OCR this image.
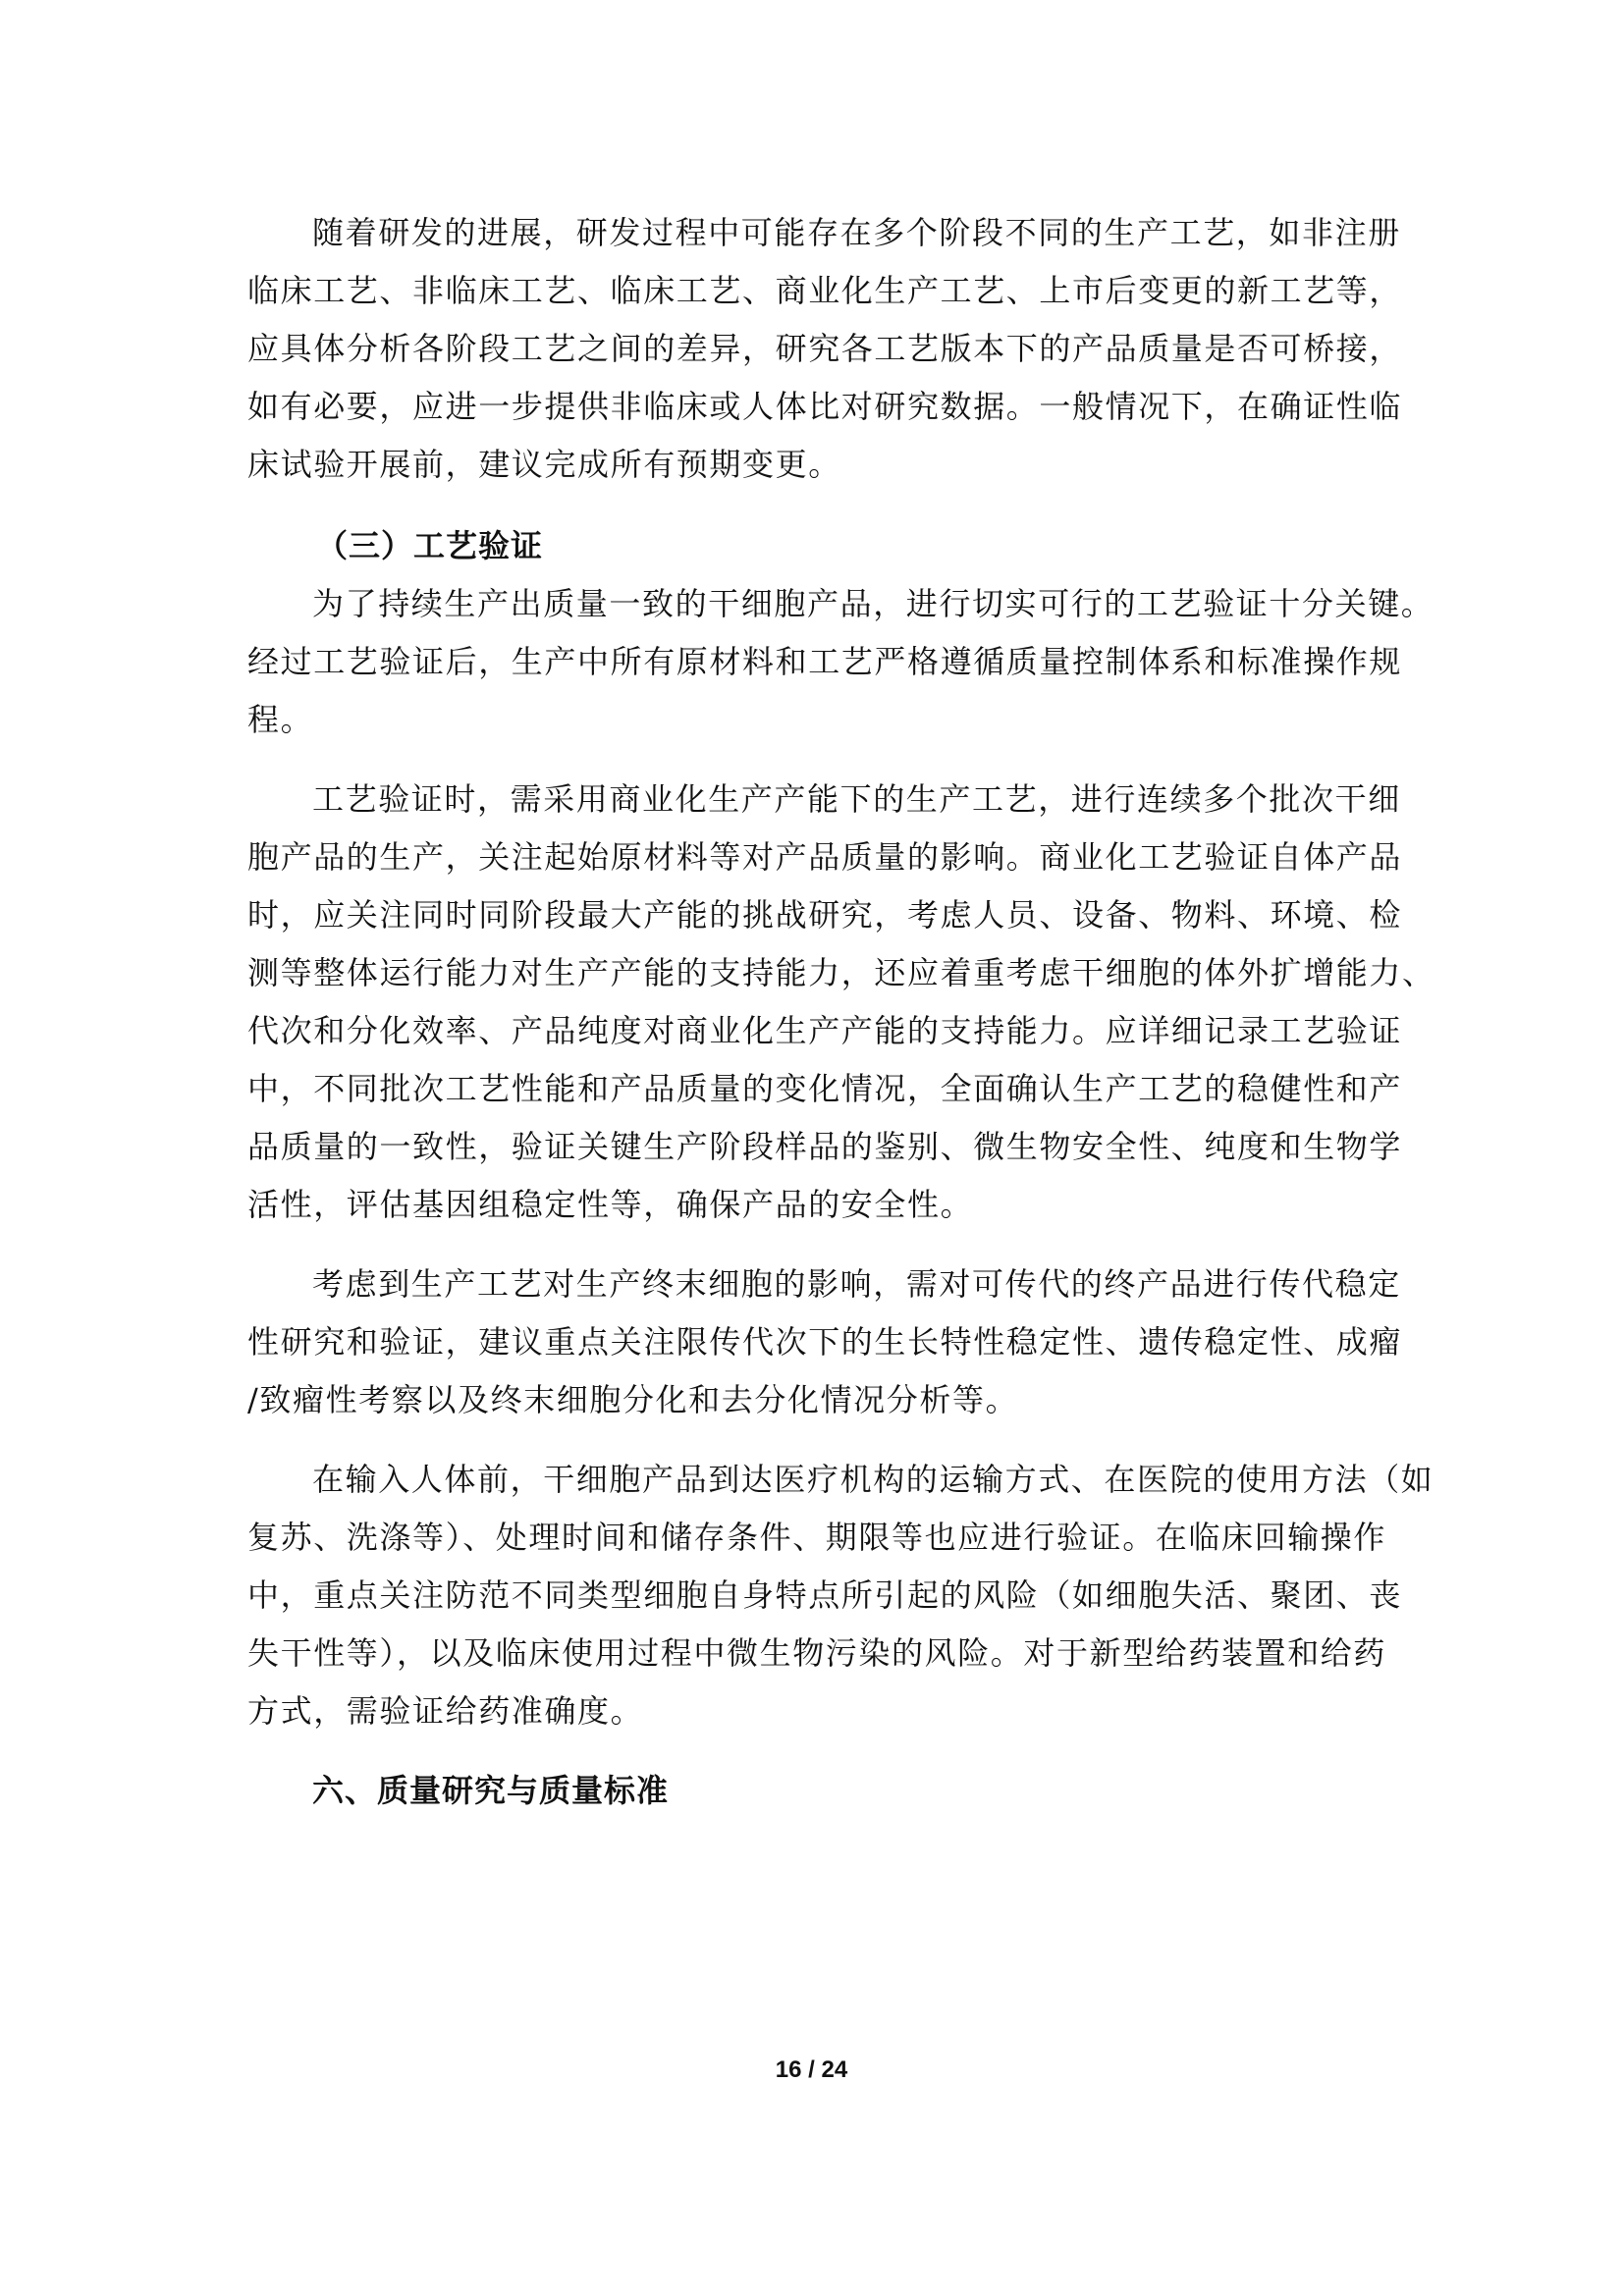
随着研发的进展，研发过程中可能存在多个阶段不同的生产工艺，如非注册
临床工艺、非临床工艺、临床工艺、商业化生产工艺、上市后变更的新工艺等，
应具体分析各阶段工艺之间的差异，研究各工艺版本下的产品质量是否可桥接，
如有必要，应进一步提供非临床或人体比对研究数据。一般情况下，在确证性临
床试验开展前，建议完成所有预期变更。
（三）工艺验证
为了持续生产出质量一致的干细胞产品，进行切实可行的工艺验证十分关键。
经过工艺验证后，生产中所有原材料和工艺严格遵循质量控制体系和标准操作规
程。
工艺验证时，需采用商业化生产产能下的生产工艺，进行连续多个批次干细
胞产品的生产，关注起始原材料等对产品质量的影响。商业化工艺验证自体产品
时，应关注同时同阶段最大产能的挑战研究，考虑人员、设备、物料、环境、检
测等整体运行能力对生产产能的支持能力，还应着重考虑干细胞的体外扩增能力、
代次和分化效率、产品纯度对商业化生产产能的支持能力。应详细记录工艺验证
中，不同批次工艺性能和产品质量的变化情况，全面确认生产工艺的稳健性和产
品质量的一致性，验证关键生产阶段样品的鉴别、微生物安全性、纯度和生物学
活性，评估基因组稳定性等，确保产品的安全性。
考虑到生产工艺对生产终末细胞的影响，需对可传代的终产品进行传代稳定
性研究和验证，建议重点关注限传代次下的生长特性稳定性、遗传稳定性、成瘤
/致瘤性考察以及终末细胞分化和去分化情况分析等。
在输入人体前，干细胞产品到达医疗机构的运输方式、在医院的使用方法（如
复苏、洗涤等）、处理时间和储存条件、期限等也应进行验证。在临床回输操作
中，重点关注防范不同类型细胞自身特点所引起的风险（如细胞失活、聚团、丧
失干性等），以及临床使用过程中微生物污染的风险。对于新型给药装置和给药
方式，需验证给药准确度。
六、质量研究与质量标准
16 / 24
